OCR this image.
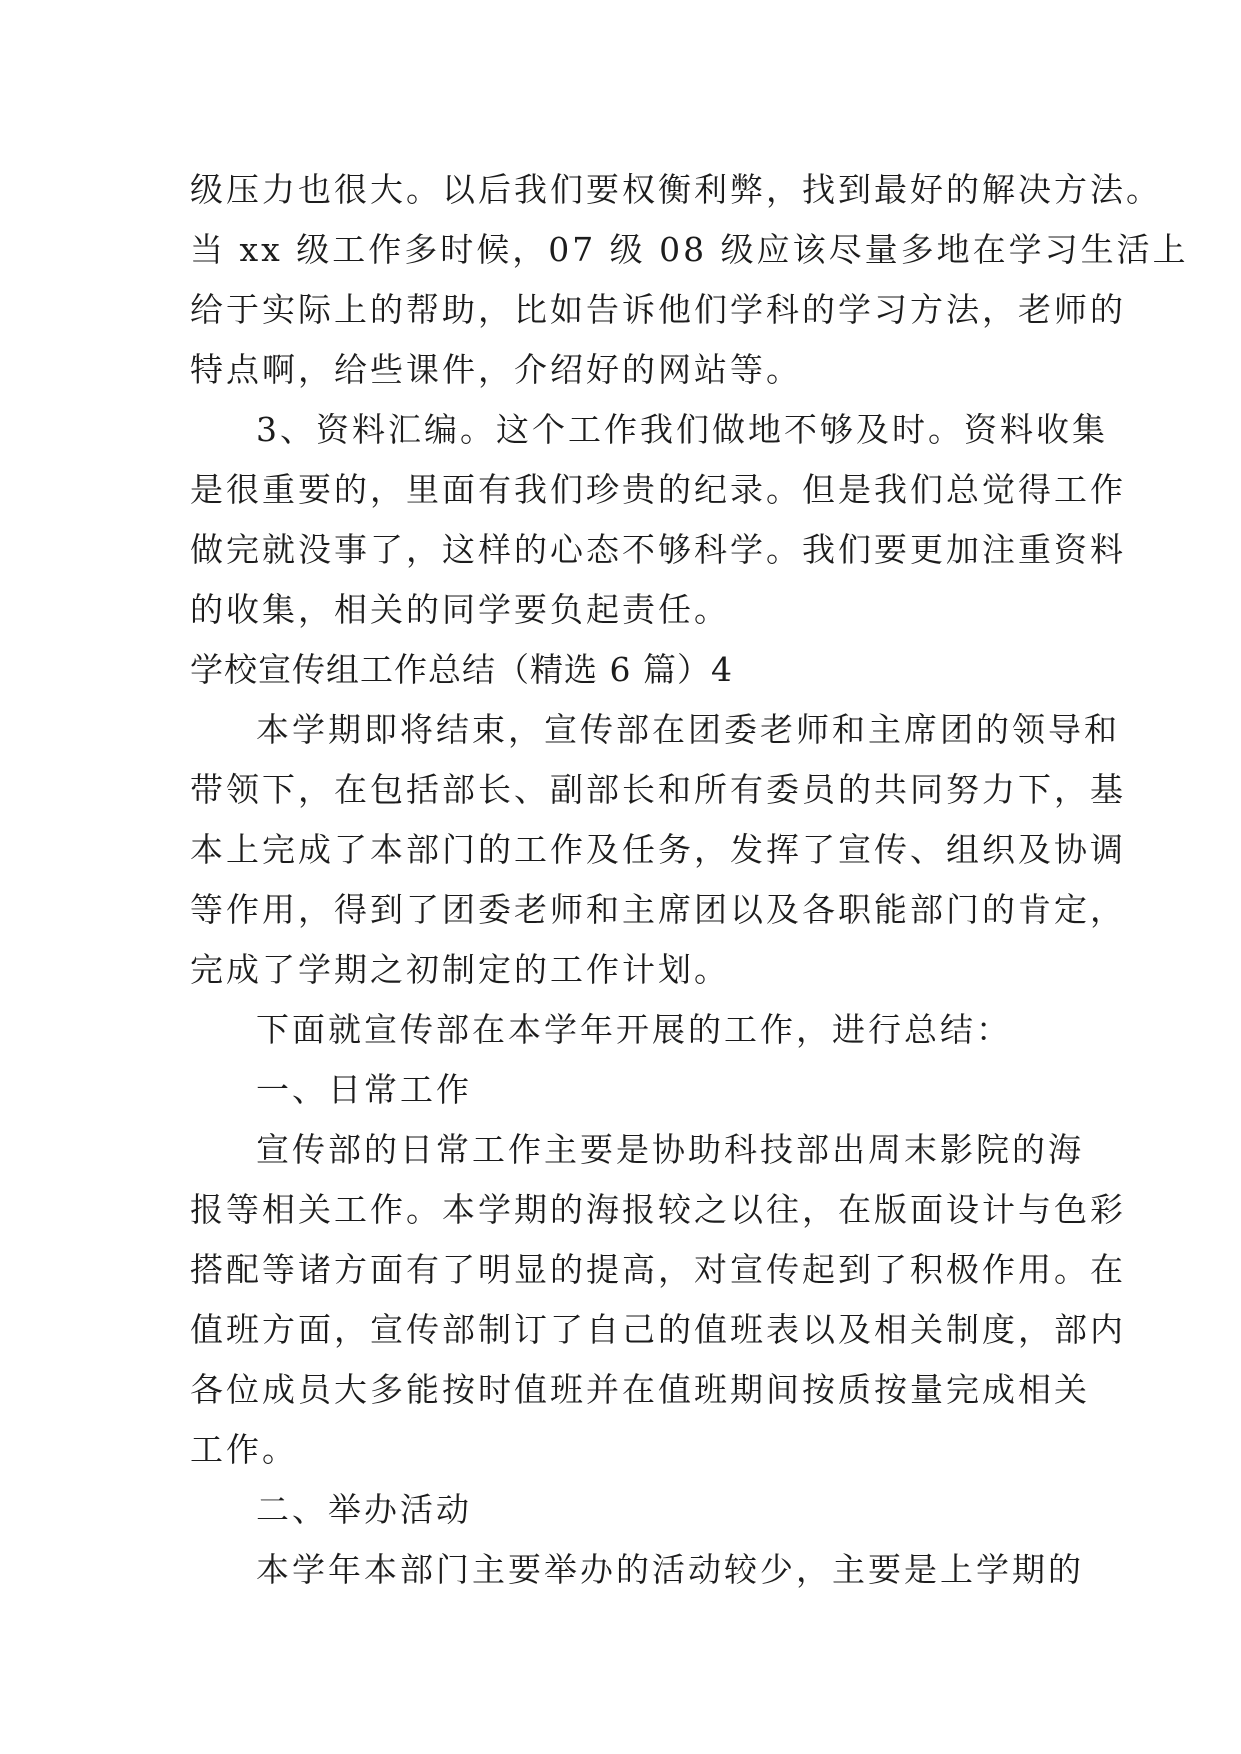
级压力也很大。以后我们要权衡利弊，找到最好的解决方法。
当 xx 级工作多时候，07 级 08 级应该尽量多地在学习生活上
给于实际上的帮助，比如告诉他们学科的学习方法，老师的
特点啊，给些课件，介绍好的网站等。
3、资料汇编。这个工作我们做地不够及时。资料收集
是很重要的，里面有我们珍贵的纪录。但是我们总觉得工作
做完就没事了，这样的心态不够科学。我们要更加注重资料
的收集，相关的同学要负起责任。
学校宣传组工作总结（精选 6 篇）4
本学期即将结束，宣传部在团委老师和主席团的领导和
带领下，在包括部长、副部长和所有委员的共同努力下，基
本上完成了本部门的工作及任务，发挥了宣传、组织及协调
等作用，得到了团委老师和主席团以及各职能部门的肯定，
完成了学期之初制定的工作计划。
下面就宣传部在本学年开展的工作，进行总结：
一、日常工作
宣传部的日常工作主要是协助科技部出周末影院的海
报等相关工作。本学期的海报较之以往，在版面设计与色彩
搭配等诸方面有了明显的提高，对宣传起到了积极作用。在
值班方面，宣传部制订了自己的值班表以及相关制度，部内
各位成员大多能按时值班并在值班期间按质按量完成相关
工作。
二、举办活动
本学年本部门主要举办的活动较少，主要是上学期的
